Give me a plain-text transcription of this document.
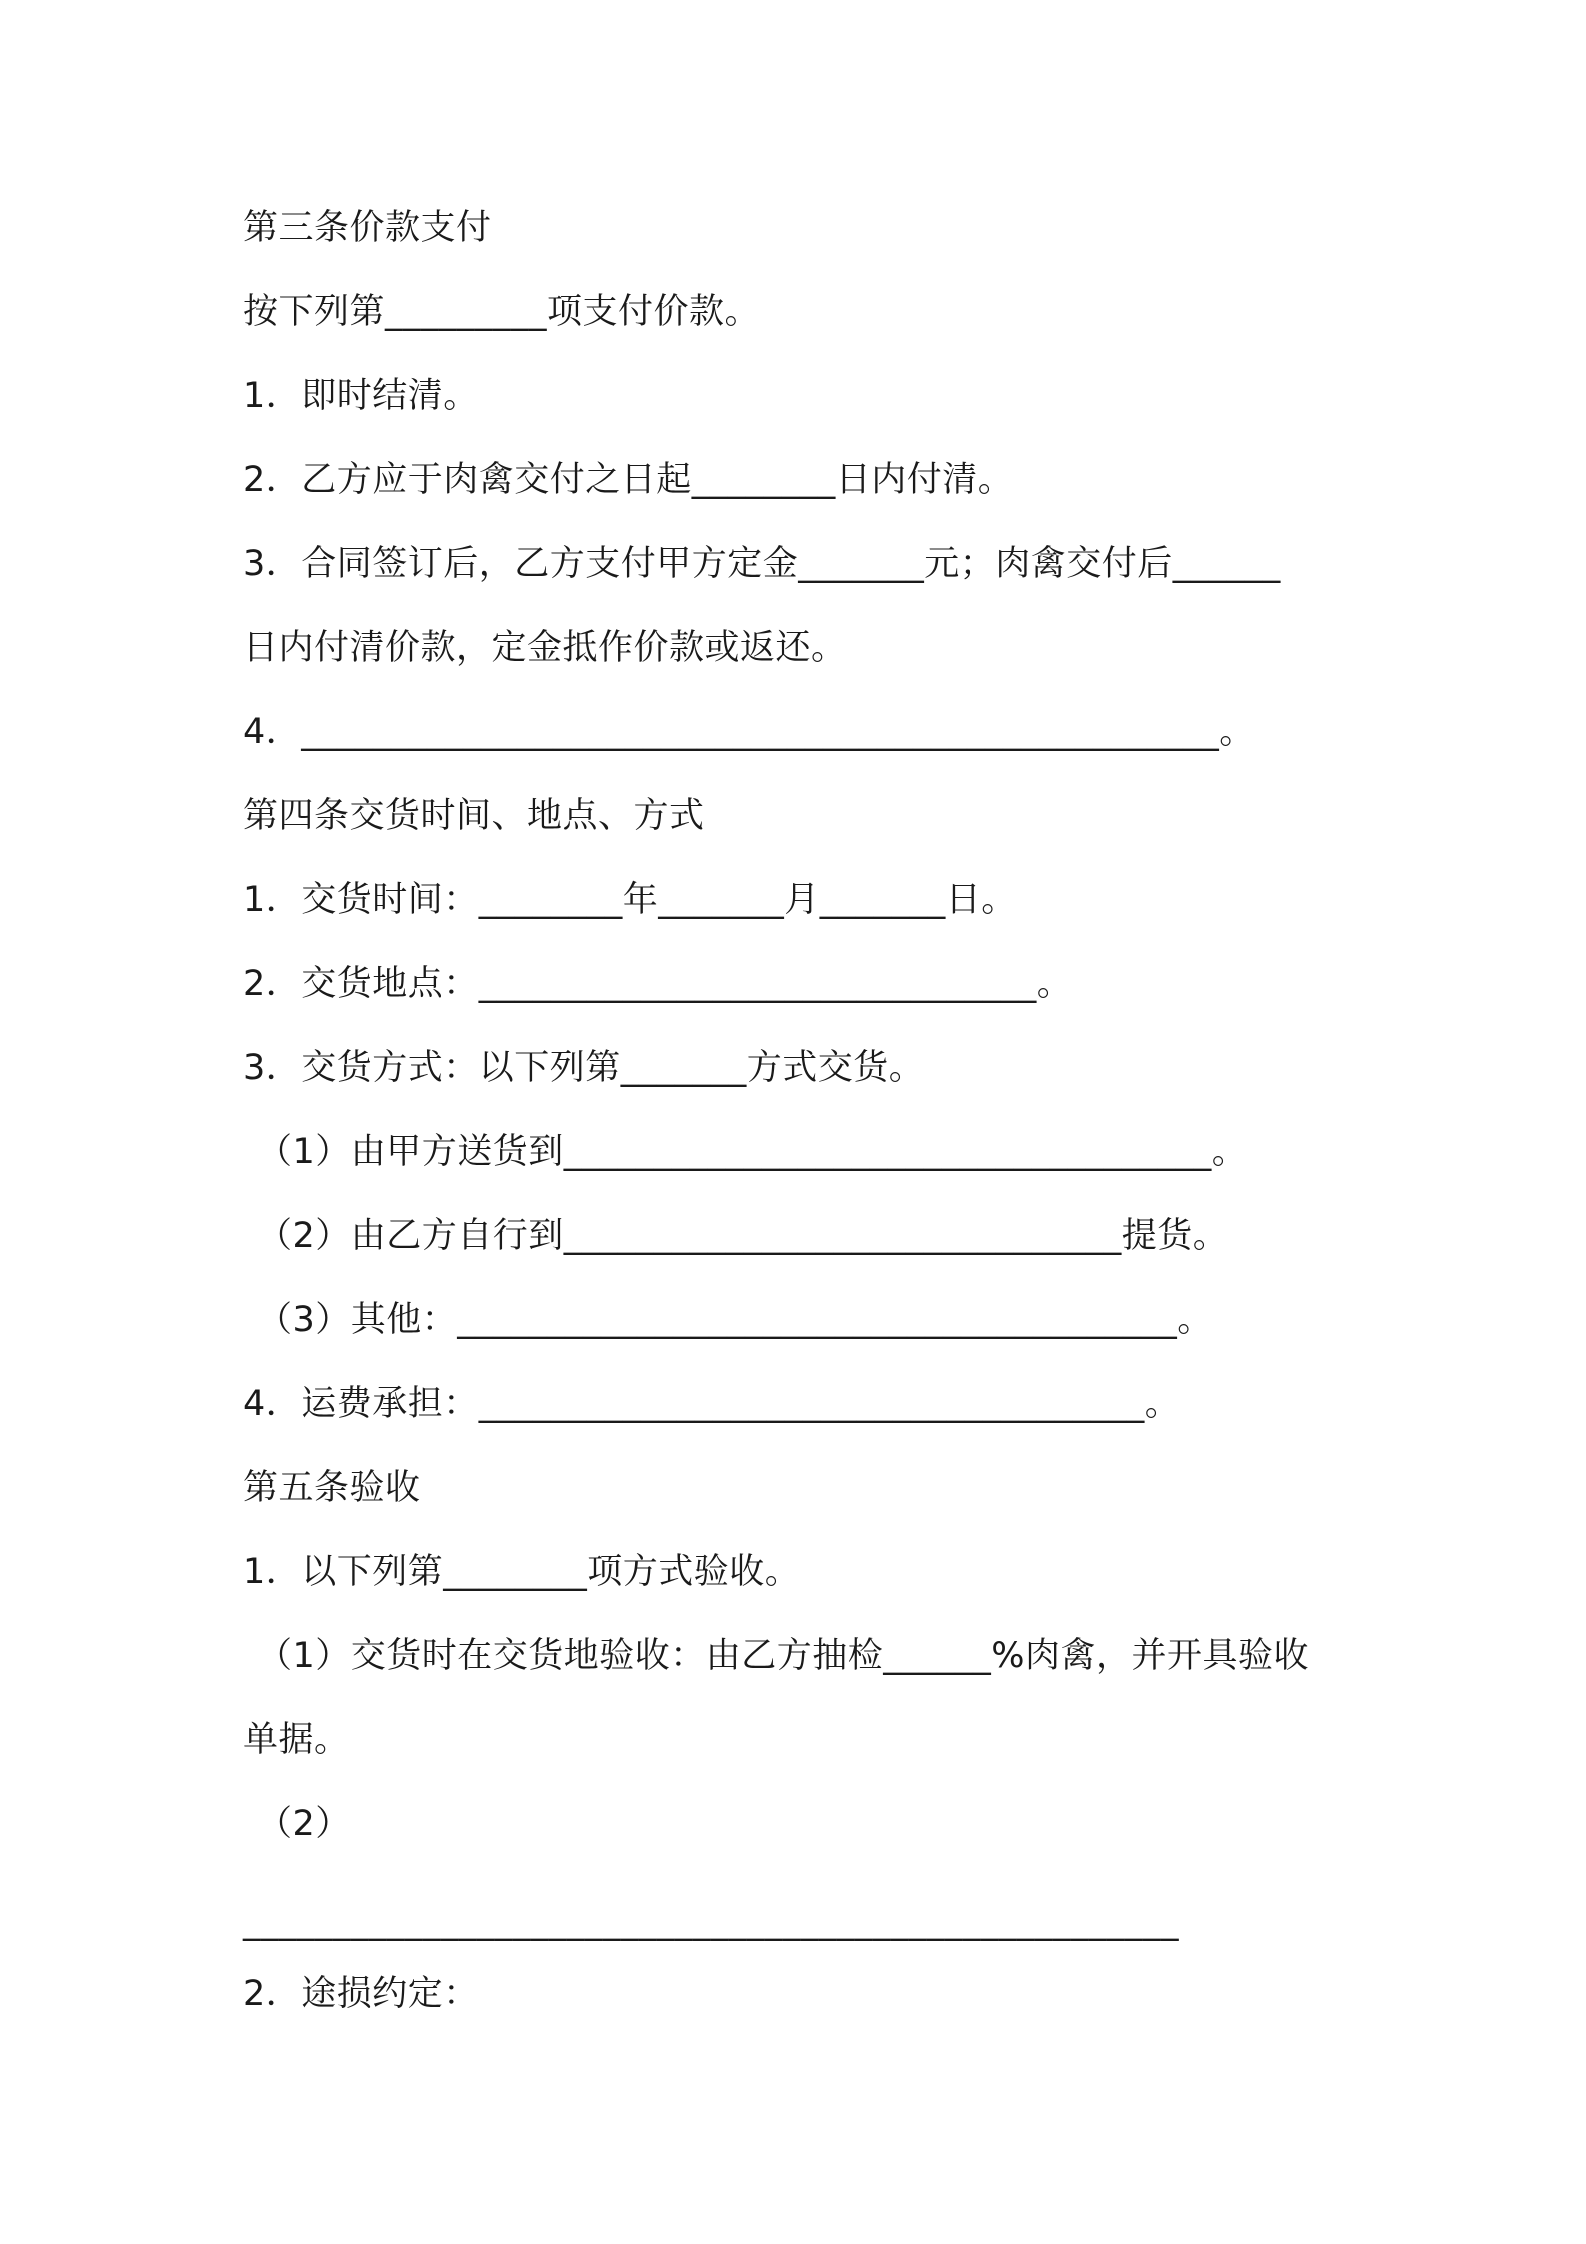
第三条价款支付
按下列第_________项支付价款。
1．即时结清。
2．乙方应于肉禽交付之日起________日内付清。
3．合同签订后，乙方支付甲方定金_______元；肉禽交付后______
日内付清价款，定金抵作价款或返还。
4．___________________________________________________。
第四条交货时间、地点、方式
1．交货时间：________年_______月_______日。
2．交货地点：_______________________________。
3．交货方式：以下列第_______方式交货。
（1）由甲方送货到____________________________________。
（2）由乙方自行到_______________________________提货。
（3）其他：________________________________________。
4．运费承担：_____________________________________。
第五条验收
1．以下列第________项方式验收。
（1）交货时在交货地验收：由乙方抽检______%肉禽，并开具验收
单据。
（2）
____________________________________________________
2．途损约定：
